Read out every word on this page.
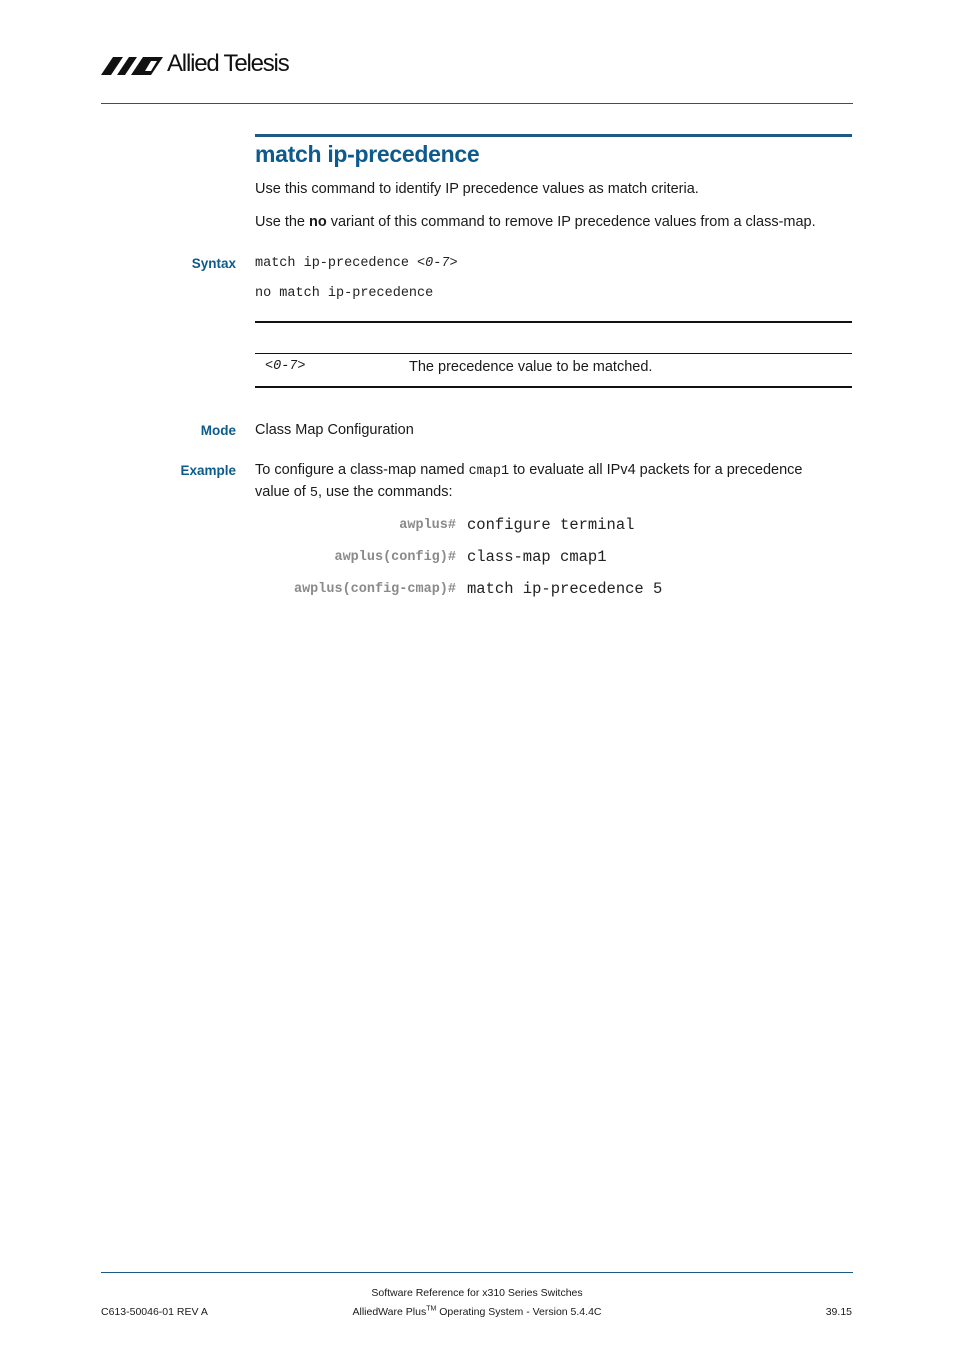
Allied Telesis
match ip-precedence
Use this command to identify IP precedence values as match criteria.
Use the no variant of this command to remove IP precedence values from a class-map.
Syntax match ip-precedence <0-7>
no match ip-precedence
<0-7>	The precedence value to be matched.
Mode Class Map Configuration
Example To configure a class-map named cmap1 to evaluate all IPv4 packets for a precedence
value of 5, use the commands:
awplus# configure terminal
awplus(config)# class-map cmap1
awplus(config-cmap)# match ip-precedence 5
Software Reference for x310 Series Switches
AlliedWare Plus™ Operating System - Version 5.4.4C
C613-50046-01 REV A	39.15
